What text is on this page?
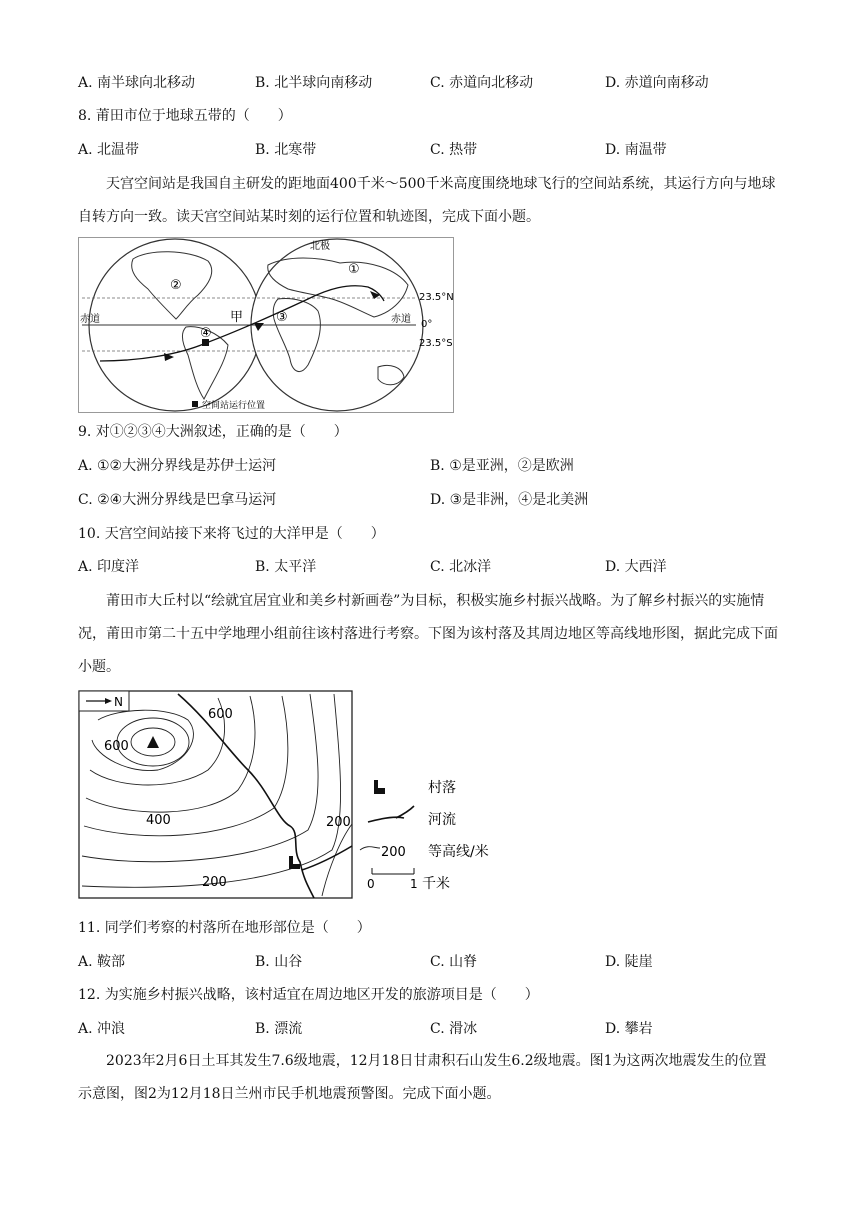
A. 南半球向北移动	B. 北半球向南移动	C. 赤道向北移动	D. 赤道向南移动
8. 莆田市位于地球五带的（　　）
A. 北温带	B. 北寒带	C. 热带	D. 南温带
天宫空间站是我国自主研发的距地面400千米～500千米高度围绕地球飞行的空间站系统，其运行方向与地球自转方向一致。读天宫空间站某时刻的运行位置和轨迹图，完成下面小题。
北极
赤道	赤道
23.5°N
0°
23.5°S
甲
①
②
③
④
空间站运行位置
9. 对①②③④大洲叙述，正确的是（　　）
A. ①②大洲分界线是苏伊士运河	B. ①是亚洲，②是欧洲
C. ②④大洲分界线是巴拿马运河	D. ③是非洲，④是北美洲
10. 天宫空间站接下来将飞过的大洋甲是（　　）
A. 印度洋	B. 太平洋	C. 北冰洋	D. 大西洋
莆田市大丘村以“绘就宜居宜业和美乡村新画卷”为目标，积极实施乡村振兴战略。为了解乡村振兴的实施情况，莆田市第二十五中学地理小组前往该村落进行考察。下图为该村落及其周边地区等高线地形图，据此完成下面小题。
N
600
600
400	200
200
村落
河流
200 等高线/米
0	1 千米
11. 同学们考察的村落所在地形部位是（　　）
A. 鞍部	B. 山谷	C. 山脊	D. 陡崖
12. 为实施乡村振兴战略，该村适宜在周边地区开发的旅游项目是（　　）
A. 冲浪	B. 漂流	C. 滑冰	D. 攀岩
2023年2月6日土耳其发生7.6级地震，12月18日甘肃积石山发生6.2级地震。图1为这两次地震发生的位置示意图，图2为12月18日兰州市民手机地震预警图。完成下面小题。
